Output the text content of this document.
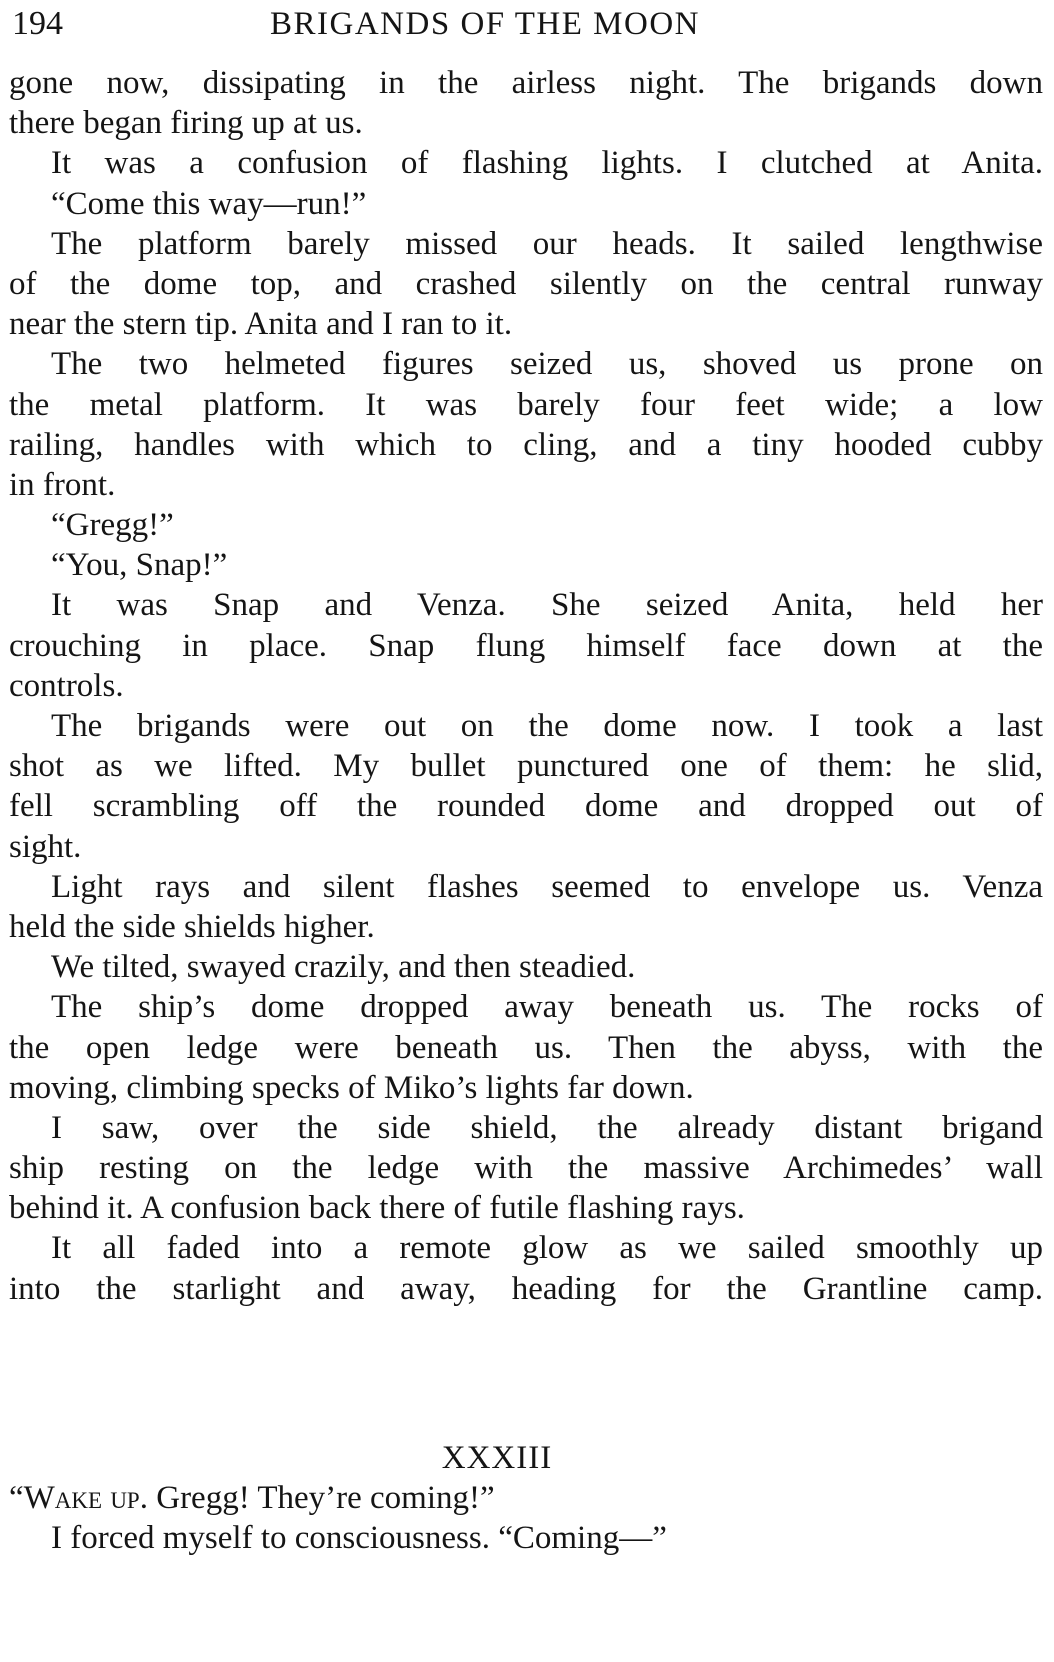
194	BRIGANDS OF THE MOON
gone now, dissipating in the airless night. The brigands down
there began firing up at us.
It was a confusion of flashing lights. I clutched at Anita.
“Come this way—run!”
The platform barely missed our heads. It sailed lengthwise
of the dome top, and crashed silently on the central runway
near the stern tip. Anita and I ran to it.
The two helmeted figures seized us, shoved us prone on
the metal platform. It was barely four feet wide; a low
railing, handles with which to cling, and a tiny hooded cubby
in front.
“Gregg!”
“You, Snap!”
It was Snap and Venza. She seized Anita, held her
crouching in place. Snap flung himself face down at the
controls.
The brigands were out on the dome now. I took a last
shot as we lifted. My bullet punctured one of them: he slid,
fell scrambling off the rounded dome and dropped out of
sight.
Light rays and silent flashes seemed to envelope us. Venza
held the side shields higher.
We tilted, swayed crazily, and then steadied.
The ship’s dome dropped away beneath us. The rocks of
the open ledge were beneath us. Then the abyss, with the
moving, climbing specks of Miko’s lights far down.
I saw, over the side shield, the already distant brigand
ship resting on the ledge with the massive Archimedes’ wall
behind it. A confusion back there of futile flashing rays.
It all faded into a remote glow as we sailed smoothly up
into the starlight and away, heading for the Grantline camp.
XXXIII
“Wake up. Gregg! They’re coming!”
I forced myself to consciousness. “Coming—”
